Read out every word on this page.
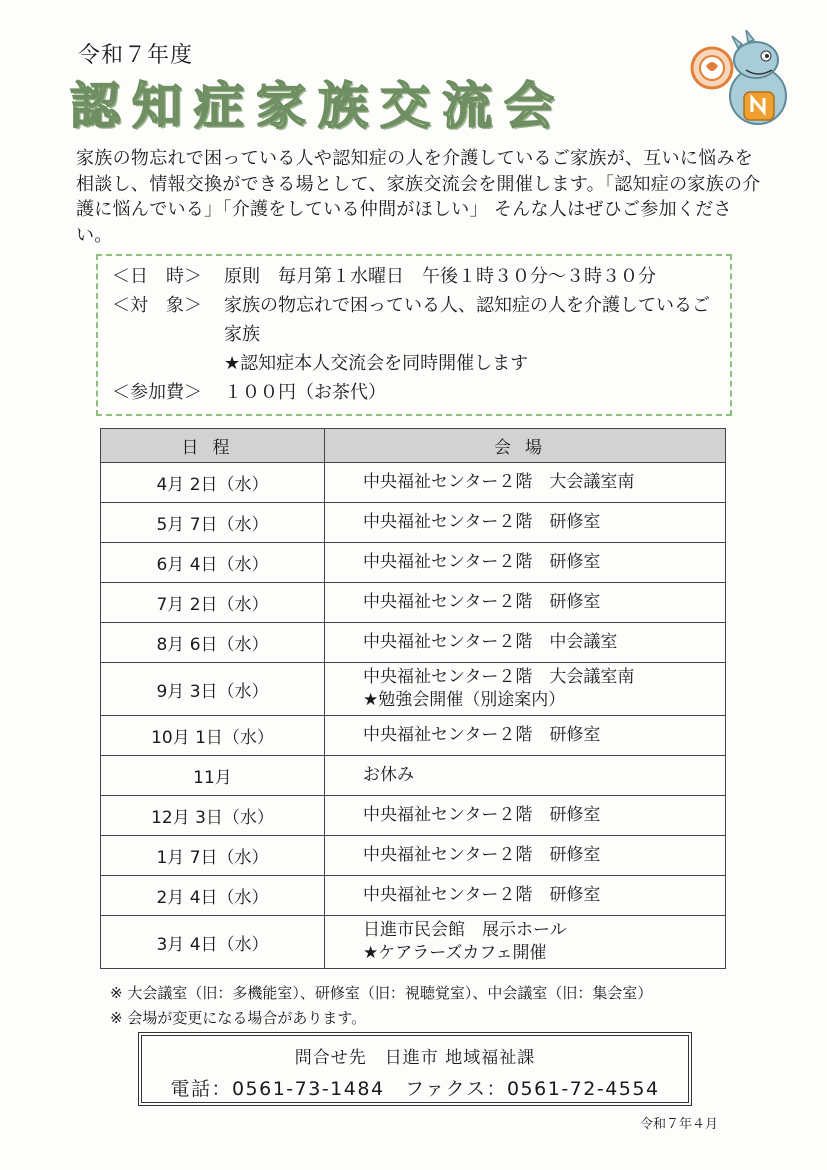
令和７年度
認知症家族交流会

家族の物忘れで困っている人や認知症の人を介護しているご家族が、互いに悩みを相談し、情報交換ができる場として、家族交流会を開催します。「認知症の家族の介護に悩んでいる」「介護をしている仲間がほしい」 そんな人はぜひご参加ください。

＜日　時＞	原則　毎月第１水曜日　午後１時３０分～３時３０分
＜対　象＞	家族の物忘れで困っている人、認知症の人を介護しているご家族
★認知症本人交流会を同時開催します
＜参加費＞	１００円（お茶代）
日程	会場
4月 2日（水）	中央福祉センター２階　大会議室南
5月 7日（水）	中央福祉センター２階　研修室
6月 4日（水）	中央福祉センター２階　研修室
7月 2日（水）	中央福祉センター２階　研修室
8月 6日（水）	中央福祉センター２階　中会議室
9月 3日（水）	中央福祉センター２階　大会議室南
★勉強会開催（別途案内）

10月 1日（水）	中央福祉センター２階　研修室
11月	お休み
12月 3日（水）	中央福祉センター２階　研修室
1月 7日（水）	中央福祉センター２階　研修室
2月 4日（水）	中央福祉センター２階　研修室
3月 4日（水）	日進市民会館　展示ホール
★ケアラーズカフェ開催
※ 大会議室（旧：多機能室）、研修室（旧：視聴覚室）、中会議室（旧：集会室）
※ 会場が変更になる場合があります。
問合せ先　日進市 地域福祉課
電話：0561-73-1484　ファクス：0561-72-4554
令和７年４月
